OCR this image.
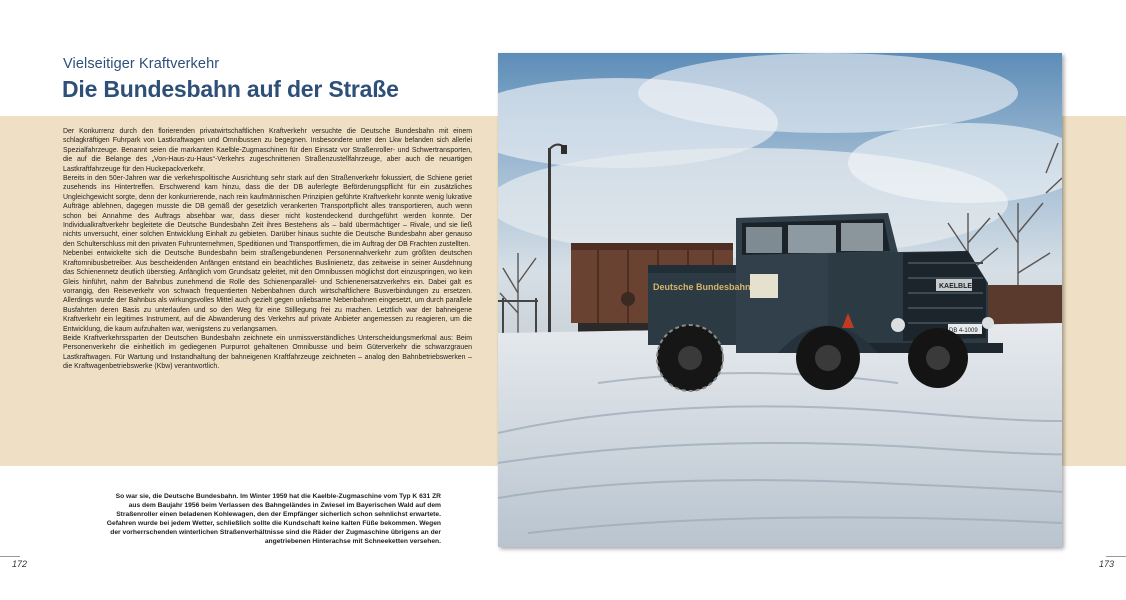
Vielseitiger Kraftverkehr
Die Bundesbahn auf der Straße

Der Konkurrenz durch den florierenden privatwirtschaftlichen Kraftverkehr versuchte die Deutsche Bundesbahn mit einem schlagkräftigen Fuhrpark von Lastkraftwagen und Omnibussen zu begegnen. Insbesondere unter den Lkw befanden sich allerlei Spezialfahrzeuge. Benannt seien die markanten Kaelble-Zugmaschinen für den Einsatz vor Straßenroller- und Schwertransporten, die auf die Belange des „Von-Haus-zu-Haus“-Verkehrs zugeschnittenen Straßenzustellfahrzeuge, aber auch die neuartigen Lastkraftfahrzeuge für den Huckepackverkehr.

Bereits in den 50er-Jahren war die verkehrspolitische Ausrichtung sehr stark auf den Straßenverkehr fokussiert, die Schiene geriet zusehends ins Hintertreffen. Erschwerend kam hinzu, dass die der DB auferlegte Beförderungspflicht für ein zusätzliches Ungleichgewicht sorgte, denn der konkurrierende, nach rein kaufmännischen Prinzipien geführte Kraftverkehr konnte wenig lukrative Aufträge ablehnen, dagegen musste die DB gemäß der gesetzlich verankerten Transportpflicht alles transportieren, auch wenn schon bei Annahme des Auftrags absehbar war, dass dieser nicht kostendeckend durchgeführt werden konnte. Der Individualkraftverkehr begleitete die Deutsche Bundesbahn Zeit ihres Bestehens als – bald übermächtiger – Rivale, und sie ließ nichts unversucht, einer solchen Entwicklung Einhalt zu gebieten. Darüber hinaus suchte die Deutsche Bundesbahn aber genauso den Schulterschluss mit den privaten Fuhrunternehmen, Speditionen und Transportfirmen, die im Auftrag der DB Frachten zustellten.

Nebenbei entwickelte sich die Deutsche Bundesbahn beim straßengebundenen Personennahverkehr zum größten deutschen Kraftomnibusbetreiber. Aus bescheidenden Anfängen entstand ein beachtliches Buslinienetz, das zeitweise in seiner Ausdehnung das Schienennetz deutlich überstieg. Anfänglich vom Grundsatz geleitet, mit den Omnibussen möglichst dort einzuspringen, wo kein Gleis hinführt, nahm der Bahnbus zunehmend die Rolle des Schienenparallel- und Schienenersatzverkehrs ein. Dabei galt es vorrangig, den Reiseverkehr von schwach frequentierten Nebenbahnen durch wirtschaftlichere Busverbindungen zu ersetzen. Allerdings wurde der Bahnbus als wirkungsvolles Mittel auch gezielt gegen unliebsame Nebenbahnen eingesetzt, um durch parallele Busfahrten deren Basis zu unterlaufen und so den Weg für eine Stilllegung frei zu machen. Letztlich war der bahneigene Kraftverkehr ein legitimes Instrument, auf die Abwanderung des Verkehrs auf private Anbieter angemessen zu reagieren, um die Entwicklung, die kaum aufzuhalten war, wenigstens zu verlangsamen.

Beide Kraftverkehrssparten der Deutschen Bundesbahn zeichnete ein unmissverständliches Unterscheidungsmerkmal aus: Beim Personenverkehr die einheitlich im gediegenen Purpurrot gehaltenen Omnibusse und beim Güterverkehr die schwarzgrauen Lastkraftwagen. Für Wartung und Instandhaltung der bahneigenen Kraftfahrzeuge zeichneten – analog den Bahnbetriebswerken – die Kraftwagenbetriebswerke (Kbw) verantwortlich.

So war sie, die Deutsche Bundesbahn. Im Winter 1959 hat die Kaelble-Zugmaschine vom Typ K 631 ZR aus dem Baujahr 1956 beim Verlassen des Bahngeländes in Zwiesel im Bayerischen Wald auf dem Straßenroller einen beladenen Kohlewagen, den der Empfänger sicherlich schon sehnlichst erwartete. Gefahren wurde bei jedem Wetter, schließlich sollte die Kundschaft keine kalten Füße bekommen. Wegen der vorherrschenden winterlichen Straßenverhältnisse sind die Räder der Zugmaschine übrigens an der angetriebenen Hinterachse mit Schneeketten versehen.
172	173
Deutsche Bundesbahn	KAELBLE
DB 4-1009
